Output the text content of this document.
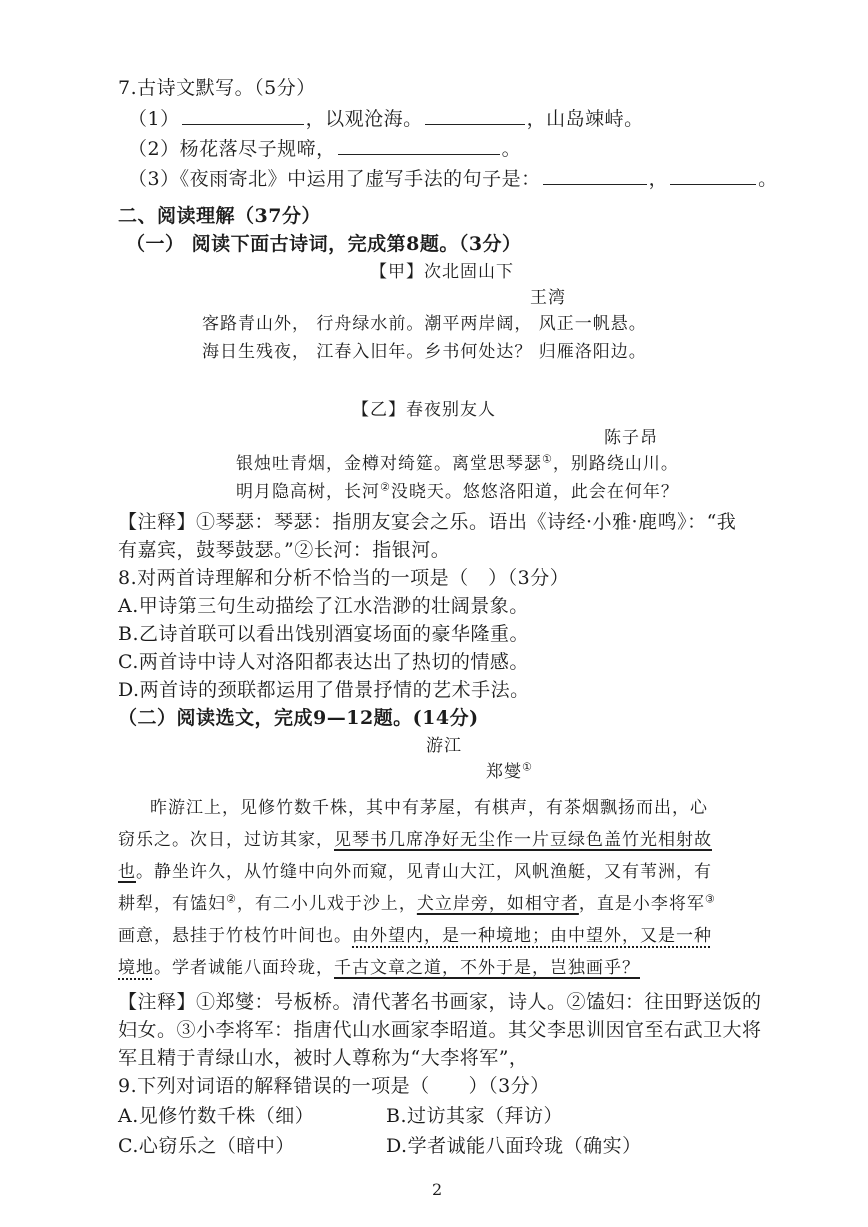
7.古诗文默写。（5分）
（1）	，以观沧海。	，山岛竦峙。
（2）杨花落尽子规啼，	。
（3）《夜雨寄北》中运用了虚写手法的句子是：	，	。
二、阅读理解（37分）
（一） 阅读下面古诗词，完成第8题。（3分）
【甲】次北固山下
王湾
客路青山外， 行舟绿水前。潮平两岸阔， 风正一帆悬。
海日生残夜， 江春入旧年。乡书何处达？ 归雁洛阳边。
【乙】春夜别友人
陈子昂
银烛吐青烟，金樽对绮筵。离堂思琴瑟①，别路绕山川。
明月隐高树，长河②没晓天。悠悠洛阳道，此会在何年？
【注释】①琴瑟：琴瑟：指朋友宴会之乐。语出《诗经·小雅·鹿鸣》：“我
有嘉宾，鼓琴鼓瑟。”②长河：指银河。
8.对两首诗理解和分析不恰当的一项是（　）（3分）
A.甲诗第三句生动描绘了江水浩渺的壮阔景象。
B.乙诗首联可以看出饯别酒宴场面的豪华隆重。
C.两首诗中诗人对洛阳都表达出了热切的情感。
D.两首诗的颈联都运用了借景抒情的艺术手法。
（二）阅读选文，完成9—12题。(14分)
游江
郑燮①
昨游江上，见修竹数千株，其中有茅屋，有棋声，有茶烟飘扬而出，心
窃乐之。次日，过访其家，见琴书几席净好无尘作一片豆绿色盖竹光相射故
也。静坐许久，从竹缝中向外而窥，见青山大江，风帆渔艇，又有苇洲，有
耕犁，有馌妇②，有二小儿戏于沙上，犬立岸旁，如相守者，直是小李将军③
画意，悬挂于竹枝竹叶间也。由外望内，是一种境地；由中望外，又是一种
境地。学者诚能八面玲珑，千古文章之道，不外于是，岂独画乎？
【注释】①郑燮：号板桥。清代著名书画家，诗人。②馌妇：往田野送饭的
妇女。③小李将军：指唐代山水画家李昭道。其父李思训因官至右武卫大将
军且精于青绿山水，被时人尊称为“大李将军”，
9.下列对词语的解释错误的一项是（　　）（3分）
A.见修竹数千株（细）	B.过访其家（拜访）
C.心窃乐之（暗中）	D.学者诚能八面玲珑（确实）
2
